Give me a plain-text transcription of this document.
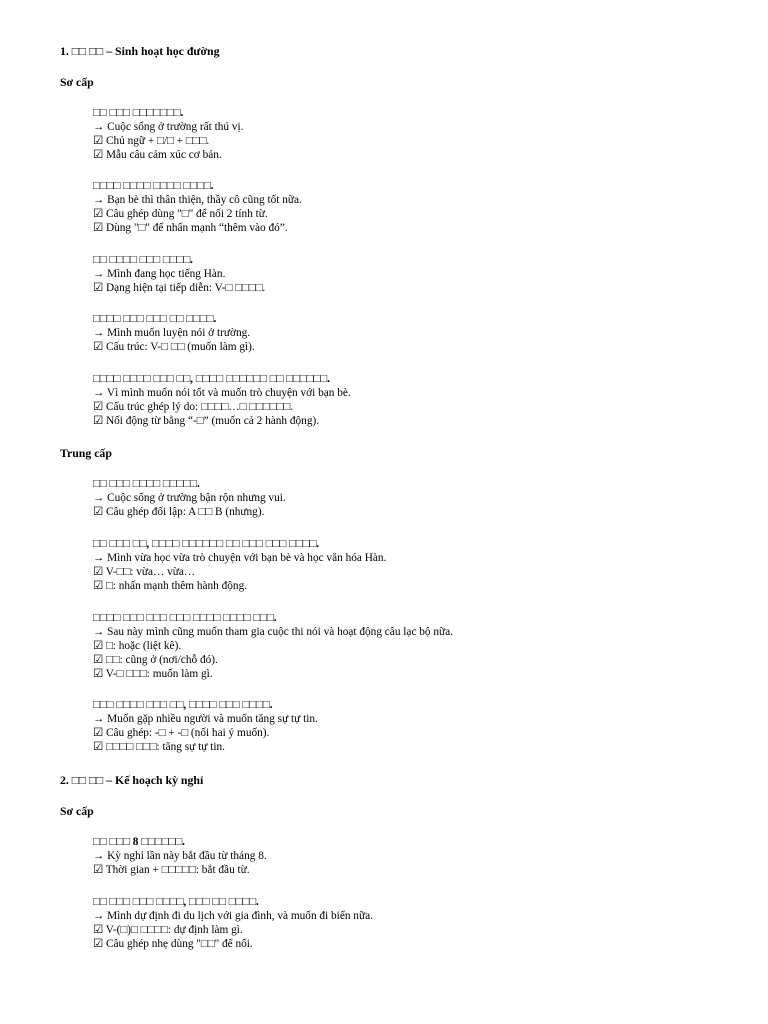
1. □□ □□ – Sinh hoạt học đường
Sơ cấp
□□ □□□ □□□□□□□.
→ Cuộc sống ở trường rất thú vị.
☑ Chủ ngữ + □/□ + □□□.
☑ Mẫu câu cảm xúc cơ bản.
□□□□ □□□□ □□□□ □□□□.
→ Bạn bè thì thân thiện, thầy cô cũng tốt nữa.
☑ Câu ghép dùng "□" để nối 2 tính từ.
☑ Dùng "□" để nhấn mạnh “thêm vào đó”.
□□ □□□□ □□□ □□□□.
→ Mình đang học tiếng Hàn.
☑ Dạng hiện tại tiếp diễn: V-□ □□□□.
□□□□ □□□ □□□ □□ □□□□.
→ Mình muốn luyện nói ở trường.
☑ Cấu trúc: V-□ □□ (muốn làm gì).
□□□□ □□□□ □□□ □□, □□□□ □□□□□□ □□ □□□□□□.
→ Vì mình muốn nói tốt và muốn trò chuyện với bạn bè.
☑ Cấu trúc ghép lý do: □□□□…□ □□□□□□.
☑ Nối động từ bằng “-□” (muốn cả 2 hành động).
Trung cấp
□□ □□□ □□□□ □□□□□.
→ Cuộc sống ở trường bận rộn nhưng vui.
☑ Câu ghép đối lập: A □□ B (nhưng).
□□ □□□ □□, □□□□ □□□□□□ □□ □□□ □□□ □□□□.
→ Mình vừa học vừa trò chuyện với bạn bè và học văn hóa Hàn.
☑ V-□□: vừa… vừa…
☑ □: nhấn mạnh thêm hành động.
□□□□ □□□ □□□ □□□ □□□□ □□□□ □□□.
→ Sau này mình cũng muốn tham gia cuộc thi nói và hoạt động câu lạc bộ nữa.
☑ □: hoặc (liệt kê).
☑ □□: cũng ở (nơi/chỗ đó).
☑ V-□ □□□: muốn làm gì.
□□□ □□□□ □□□ □□, □□□□ □□□ □□□□.
→ Muốn gặp nhiều người và muốn tăng sự tự tin.
☑ Câu ghép: -□ + -□ (nối hai ý muốn).
☑ □□□□ □□□: tăng sự tự tin.
2. □□ □□ – Kế hoạch kỳ nghỉ
Sơ cấp
□□ □□□ 8 □□□□□□.
→ Kỳ nghỉ lần này bắt đầu từ tháng 8.
☑ Thời gian + □□□□□: bắt đầu từ.
□□ □□□ □□□ □□□□, □□□ □□ □□□□.
→ Mình dự định đi du lịch với gia đình, và muốn đi biển nữa.
☑ V-(□)□ □□□□: dự định làm gì.
☑ Câu ghép nhẹ dùng "□□" để nối.
